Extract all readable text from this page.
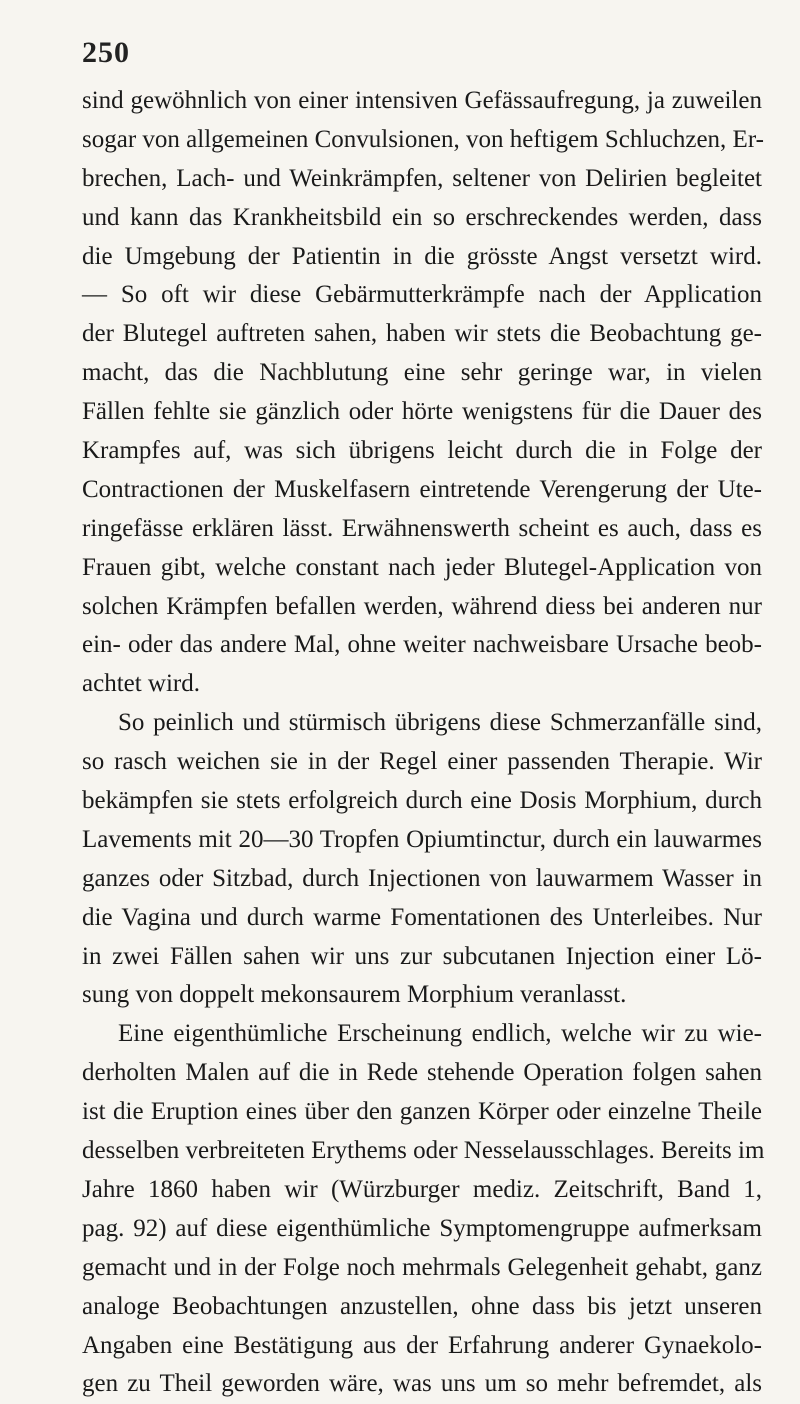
250
sind gewöhnlich von einer intensiven Gefässaufregung, ja zuweilen
sogar von allgemeinen Convulsionen, von heftigem Schluchzen, Er-
brechen, Lach- und Weinkrämpfen, seltener von Delirien begleitet
und kann das Krankheitsbild ein so erschreckendes werden, dass
die Umgebung der Patientin in die grösste Angst versetzt wird.
— So oft wir diese Gebärmutterkrämpfe nach der Application
der Blutegel auftreten sahen, haben wir stets die Beobachtung ge-
macht, das die Nachblutung eine sehr geringe war, in vielen
Fällen fehlte sie gänzlich oder hörte wenigstens für die Dauer des
Krampfes auf, was sich übrigens leicht durch die in Folge der
Contractionen der Muskelfasern eintretende Verengerung der Ute-
ringefässe erklären lässt. Erwähnenswerth scheint es auch, dass es
Frauen gibt, welche constant nach jeder Blutegel-Application von
solchen Krämpfen befallen werden, während diess bei anderen nur
ein- oder das andere Mal, ohne weiter nachweisbare Ursache beob-
achtet wird.
So peinlich und stürmisch übrigens diese Schmerzanfälle sind,
so rasch weichen sie in der Regel einer passenden Therapie. Wir
bekämpfen sie stets erfolgreich durch eine Dosis Morphium, durch
Lavements mit 20—30 Tropfen Opiumtinctur, durch ein lauwarmes
ganzes oder Sitzbad, durch Injectionen von lauwarmem Wasser in
die Vagina und durch warme Fomentationen des Unterleibes. Nur
in zwei Fällen sahen wir uns zur subcutanen Injection einer Lö-
sung von doppelt mekonsaurem Morphium veranlasst.
Eine eigenthümliche Erscheinung endlich, welche wir zu wie-
derholten Malen auf die in Rede stehende Operation folgen sahen
ist die Eruption eines über den ganzen Körper oder einzelne Theile
desselben verbreiteten Erythems oder Nesselausschlages. Bereits im
Jahre 1860 haben wir (Würzburger mediz. Zeitschrift, Band 1,
pag. 92) auf diese eigenthümliche Symptomengruppe aufmerksam
gemacht und in der Folge noch mehrmals Gelegenheit gehabt, ganz
analoge Beobachtungen anzustellen, ohne dass bis jetzt unseren
Angaben eine Bestätigung aus der Erfahrung anderer Gynaekolo-
gen zu Theil geworden wäre, was uns um so mehr befremdet, als
